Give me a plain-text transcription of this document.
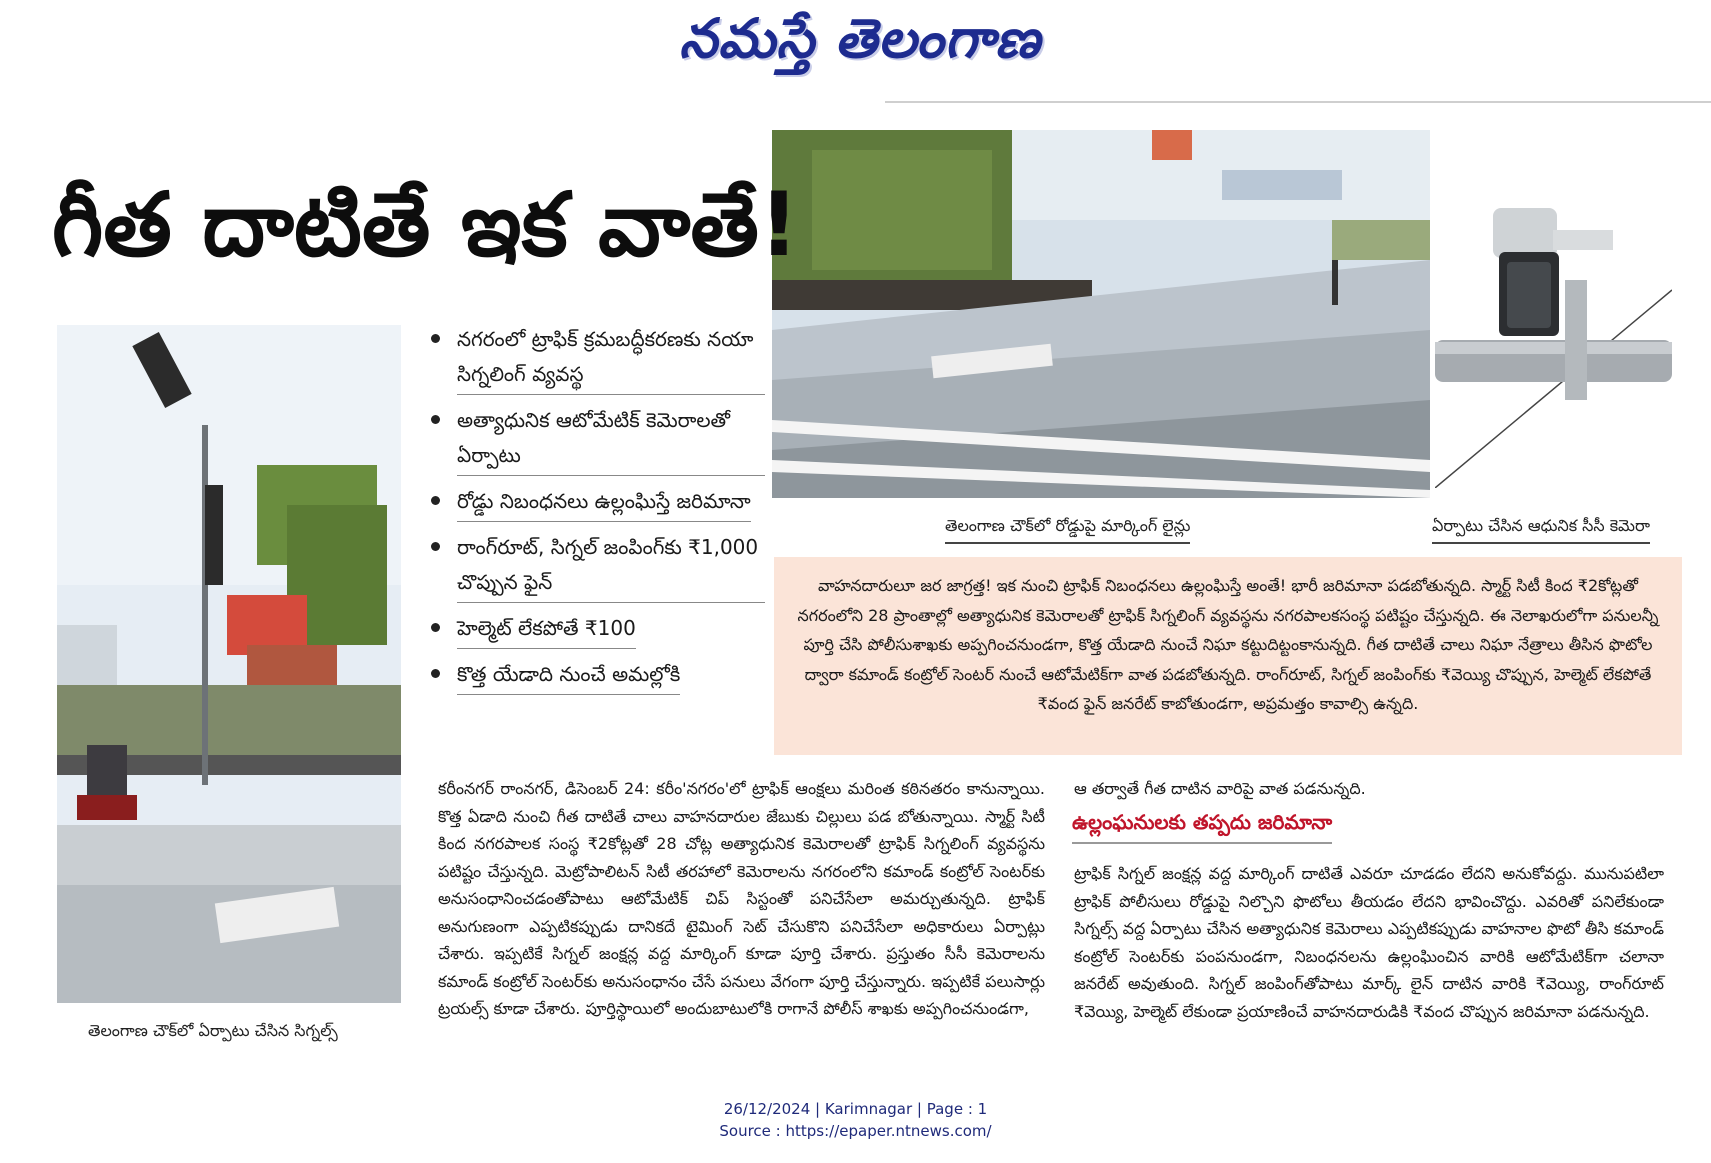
నమస్తే తెలంగాణ
తెలంగాణ చౌక్‌లో రోడ్డుపై మార్కింగ్ లైన్లు
గీత దాటితే ఇక వాతే!
ఏర్పాటు చేసిన ఆధునిక సీసీ కెమెరా
తెలంగాణ చౌక్‌లో ఏర్పాటు చేసిన సిగ్నల్స్
నగరంలో ట్రాఫిక్ క్రమబద్ధీకరణకు నయా సిగ్నలింగ్ వ్యవస్థ
అత్యాధునిక ఆటోమేటిక్ కెమెరాలతో ఏర్పాటు
రోడ్డు నిబంధనలు ఉల్లంఘిస్తే జరిమానా
రాంగ్‌రూట్, సిగ్నల్ జంపింగ్‌కు ₹1,000 చొప్పున ఫైన్
హెల్మెట్ లేకపోతే ₹100
కొత్త యేడాది నుంచే అమల్లోకి
వాహనదారులూ జర జాగ్రత్త! ఇక నుంచి ట్రాఫిక్ నిబంధనలు ఉల్లంఘిస్తే అంతే! భారీ జరిమానా పడబోతున్నది. స్మార్ట్ సిటీ కింద ₹2కోట్లతో నగరంలోని 28 ప్రాంతాల్లో అత్యాధునిక కెమెరాలతో ట్రాఫిక్ సిగ్నలింగ్ వ్యవస్థను నగరపాలకసంస్థ పటిష్టం చేస్తున్నది. ఈ నెలాఖరులోగా పనులన్నీ పూర్తి చేసి పోలీసుశాఖకు అప్పగించనుండగా, కొత్త యేడాది నుంచే నిఘా కట్టుదిట్టంకానున్నది. గీత దాటితే చాలు నిఘా నేత్రాలు తీసిన ఫొటోల ద్వారా కమాండ్ కంట్రోల్ సెంటర్ నుంచే ఆటోమేటిక్‌గా వాత పడబోతున్నది. రాంగ్‌రూట్, సిగ్నల్ జంపింగ్‌కు ₹వెయ్యి చొప్పున, హెల్మెట్ లేకపోతే ₹వంద ఫైన్ జనరేట్ కాబోతుండగా, అప్రమత్తం కావాల్సి ఉన్నది.
కరీంనగర్ రాంనగర్, డిసెంబర్ 24: కరీం'నగరం'లో ట్రాఫిక్ ఆంక్షలు మరింత కఠినతరం కానున్నాయి. కొత్త ఏడాది నుంచి గీత దాటితే చాలు వాహనదారుల జేబుకు చిల్లులు పడ బోతున్నాయి. స్మార్ట్ సిటీ కింద నగరపాలక సంస్థ ₹2కోట్లతో 28 చోట్ల అత్యాధునిక కెమెరాలతో ట్రాఫిక్ సిగ్నలింగ్ వ్యవస్థను పటిష్టం చేస్తున్నది. మెట్రోపాలిటన్ సిటీ తరహాలో కెమెరాలను నగరంలోని కమాండ్ కంట్రోల్ సెంటర్‌కు అనుసంధానించడంతోపాటు ఆటోమేటిక్ చిప్ సిస్టంతో పనిచేసేలా అమర్చుతున్నది. ట్రాఫిక్ అనుగుణంగా ఎప్పటికప్పుడు దానికదే టైమింగ్ సెట్ చేసుకొని పనిచేసేలా అధికారులు ఏర్పాట్లు చేశారు. ఇప్పటికే సిగ్నల్ జంక్షన్ల వద్ద మార్కింగ్ కూడా పూర్తి చేశారు. ప్రస్తుతం సీసీ కెమెరాలను కమాండ్ కంట్రోల్ సెంటర్‌కు అనుసంధానం చేసే పనులు వేగంగా పూర్తి చేస్తున్నారు. ఇప్పటికే పలుసార్లు ట్రయల్స్ కూడా చేశారు. పూర్తిస్థాయిలో అందుబాటులోకి రాగానే పోలీస్ శాఖకు అప్పగించనుండగా,
ఆ తర్వాతే గీత దాటిన వారిపై వాత పడనున్నది.
ఉల్లంఘనులకు తప్పదు జరిమానా
ట్రాఫిక్ సిగ్నల్ జంక్షన్ల వద్ద మార్కింగ్ దాటితే ఎవరూ చూడడం లేదని అనుకోవద్దు. మునుపటిలా ట్రాఫిక్ పోలీసులు రోడ్డుపై నిల్చొని ఫొటోలు తీయడం లేదని భావించొద్దు. ఎవరితో పనిలేకుండా సిగ్నల్స్ వద్ద ఏర్పాటు చేసిన అత్యాధునిక కెమెరాలు ఎప్పటికప్పుడు వాహనాల ఫొటో తీసి కమాండ్ కంట్రోల్ సెంటర్‌కు పంపనుండగా, నిబంధనలను ఉల్లంఘించిన వారికి ఆటోమేటిక్‌గా చలానా జనరేట్ అవుతుంది. సిగ్నల్ జంపింగ్‌తోపాటు మార్క్ లైన్ దాటిన వారికి ₹వెయ్యి, రాంగ్‌రూట్ ₹వెయ్యి, హెల్మెట్ లేకుండా ప్రయాణించే వాహనదారుడికి ₹వంద చొప్పున జరిమానా పడనున్నది.
26/12/2024 | Karimnagar | Page : 1
Source : https://epaper.ntnews.com/
